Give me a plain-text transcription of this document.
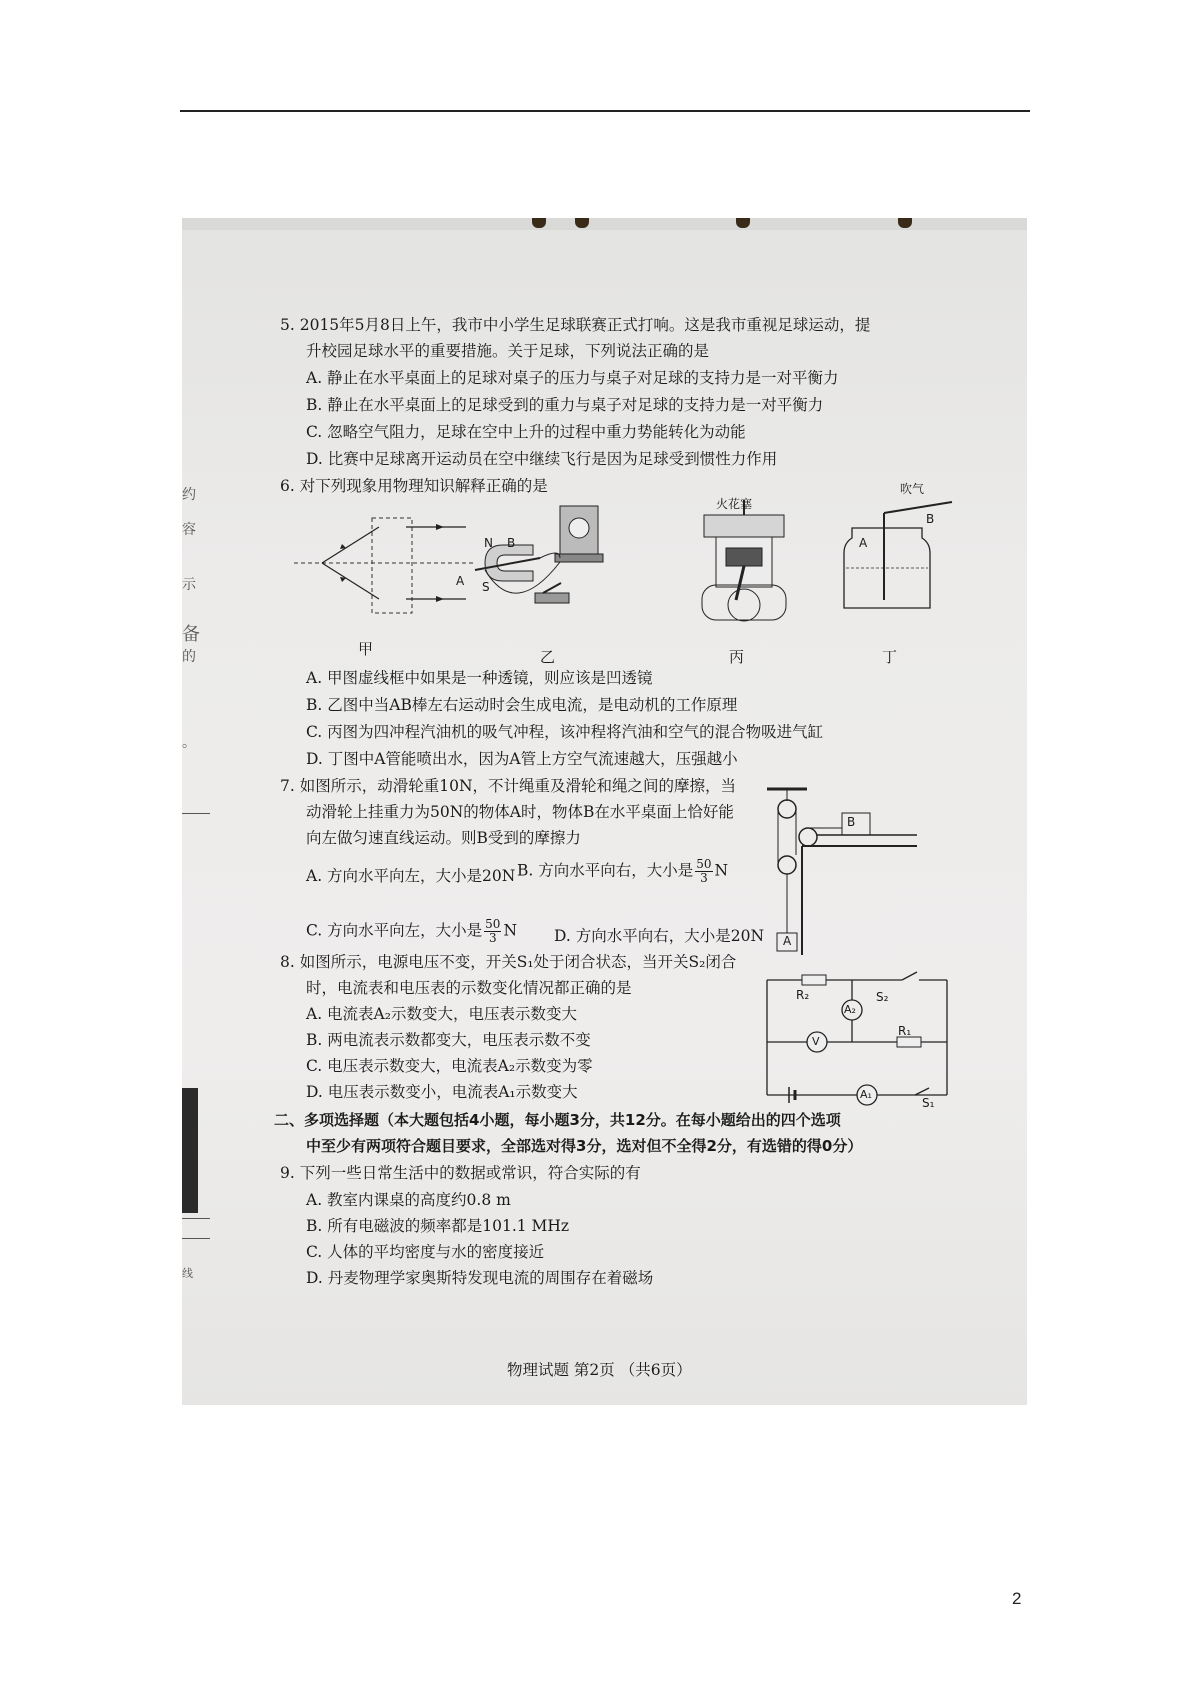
约
容
示
备
的
。
线
5. 2015年5月8日上午，我市中小学生足球联赛正式打响。这是我市重视足球运动，提
升校园足球水平的重要措施。关于足球，下列说法正确的是
A. 静止在水平桌面上的足球对桌子的压力与桌子对足球的支持力是一对平衡力
B. 静止在水平桌面上的足球受到的重力与桌子对足球的支持力是一对平衡力
C. 忽略空气阻力，足球在空中上升的过程中重力势能转化为动能
D. 比赛中足球离开运动员在空中继续飞行是因为足球受到惯性力作用
6. 对下列现象用物理知识解释正确的是
甲
N B
A S
乙
火花塞
丙
吹气
A
B
丁
A. 甲图虚线框中如果是一种透镜，则应该是凹透镜
B. 乙图中当AB棒左右运动时会生成电流，是电动机的工作原理
C. 丙图为四冲程汽油机的吸气冲程，该冲程将汽油和空气的混合物吸进气缸
D. 丁图中A管能喷出水，因为A管上方空气流速越大，压强越小
7. 如图所示，动滑轮重10N，不计绳重及滑轮和绳之间的摩擦，当
动滑轮上挂重力为50N的物体A时，物体B在水平桌面上恰好能
向左做匀速直线运动。则B受到的摩擦力
A. 方向水平向左，大小是20N B. 方向水平向右，大小是 $\frac{50}{3}$ N
C. 方向水平向左，大小是 $\frac{50}{3}$ N D. 方向水平向右，大小是20N A
B
8. 如图所示，电源电压不变，开关S₁处于闭合状态，当开关S₂闭合
时，电流表和电压表的示数变化情况都正确的是
A. 电流表A₂示数变大，电压表示数变大
B. 两电流表示数都变大，电压表示数不变
C. 电压表示数变大，电流表A₂示数变为零
D. 电压表示数变小，电流表A₁示数变大
R₂	S₂
A₂
R₁
V
A₁
S₁
二、多项选择题（本大题包括4小题，每小题3分，共12分。在每小题给出的四个选项
中至少有两项符合题目要求，全部选对得3分，选对但不全得2分，有选错的得0分）
9. 下列一些日常生活中的数据或常识，符合实际的有
A. 教室内课桌的高度约0.8 m
B. 所有电磁波的频率都是101.1 MHz
C. 人体的平均密度与水的密度接近
D. 丹麦物理学家奥斯特发现电流的周围存在着磁场
物理试题 第2页 （共6页）
2
